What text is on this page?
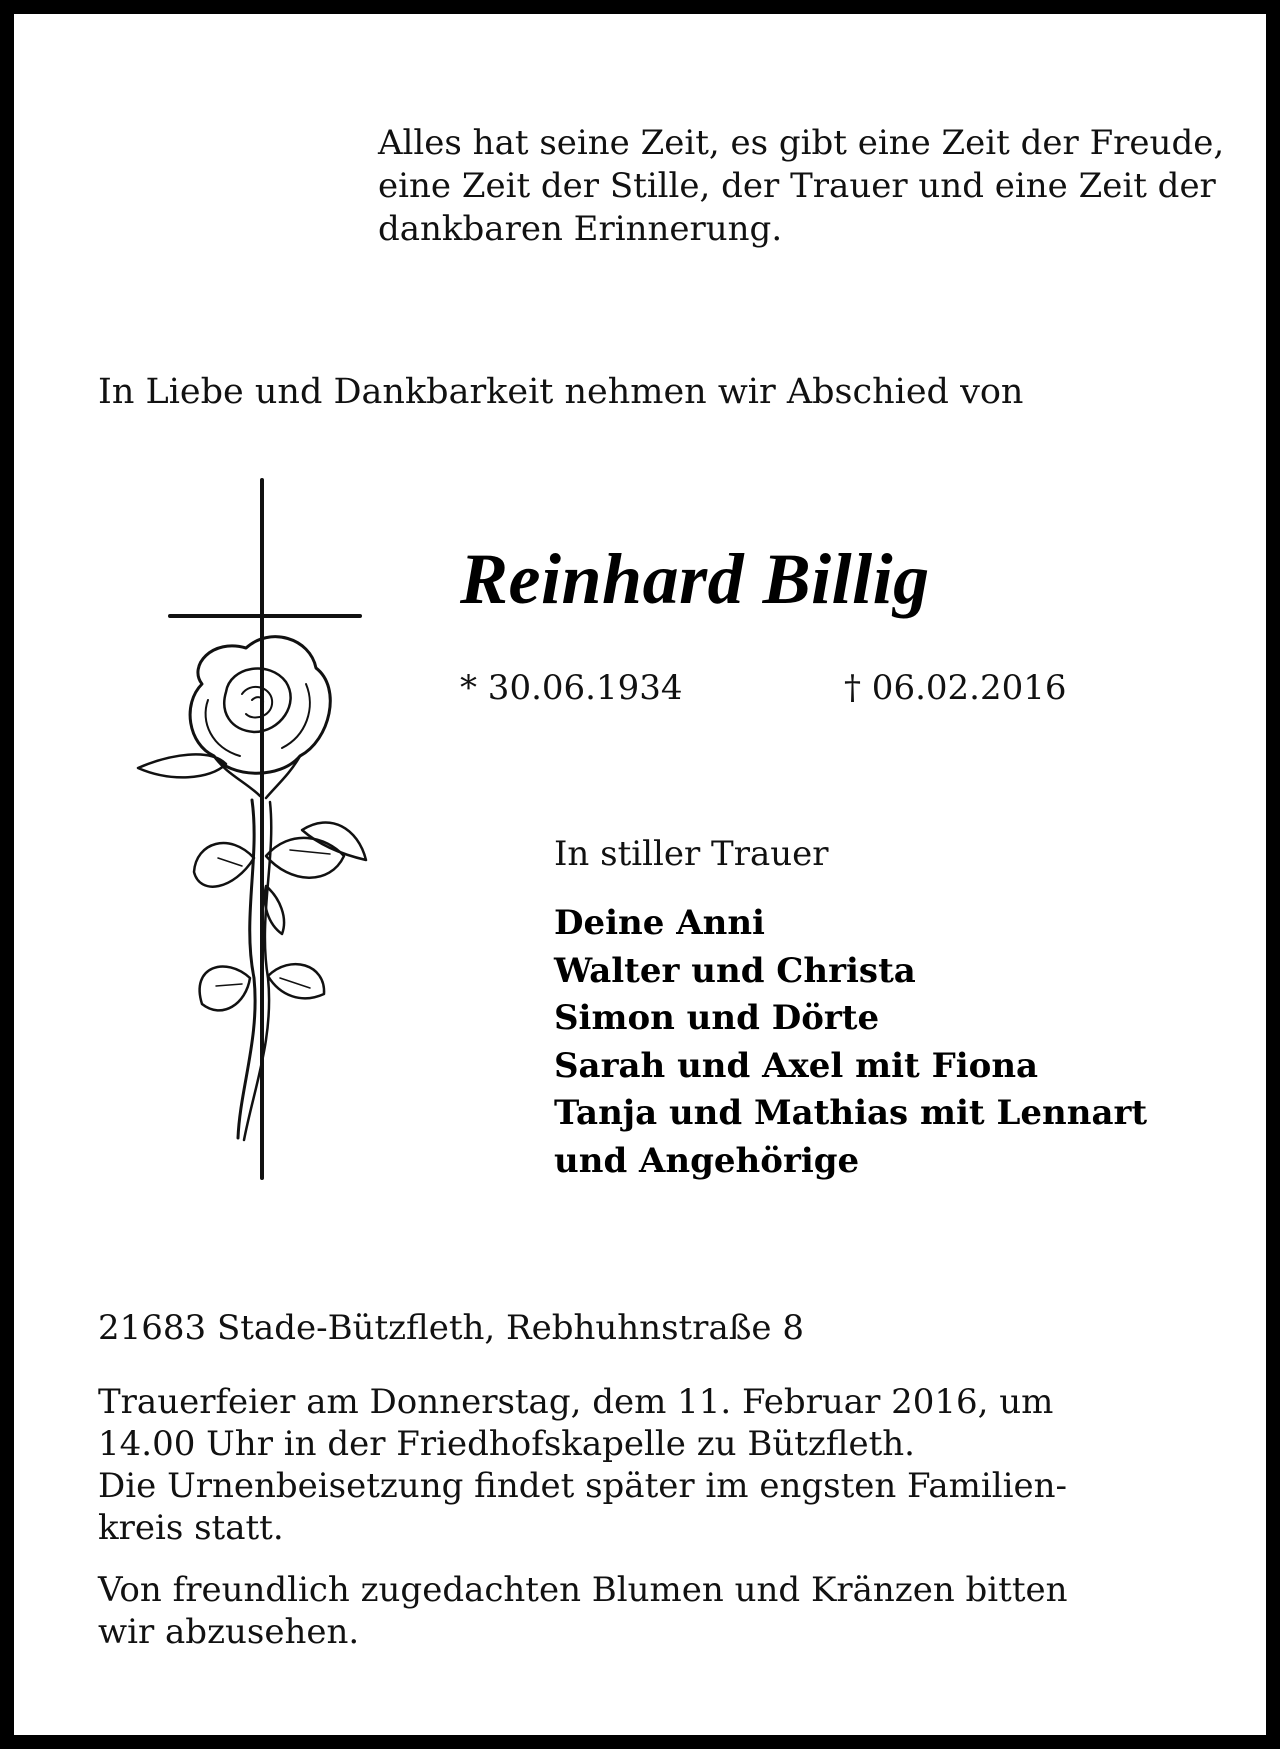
Alles hat seine Zeit, es gibt eine Zeit der Freude,
eine Zeit der Stille, der Trauer und eine Zeit der
dankbaren Erinnerung.
In Liebe und Dankbarkeit nehmen wir Abschied von
Reinhard Billig
* 30.06.1934	† 06.02.2016
In stiller Trauer
Deine Anni
Walter und Christa
Simon und Dörte
Sarah und Axel mit Fiona
Tanja und Mathias mit Lennart
und Angehörige
21683 Stade-Bützfleth, Rebhuhnstraße 8
Trauerfeier am Donnerstag, dem 11. Februar 2016, um
14.00 Uhr in der Friedhofskapelle zu Bützfleth.
Die Urnenbeisetzung findet später im engsten Familien-
kreis statt.
Von freundlich zugedachten Blumen und Kränzen bitten
wir abzusehen.
